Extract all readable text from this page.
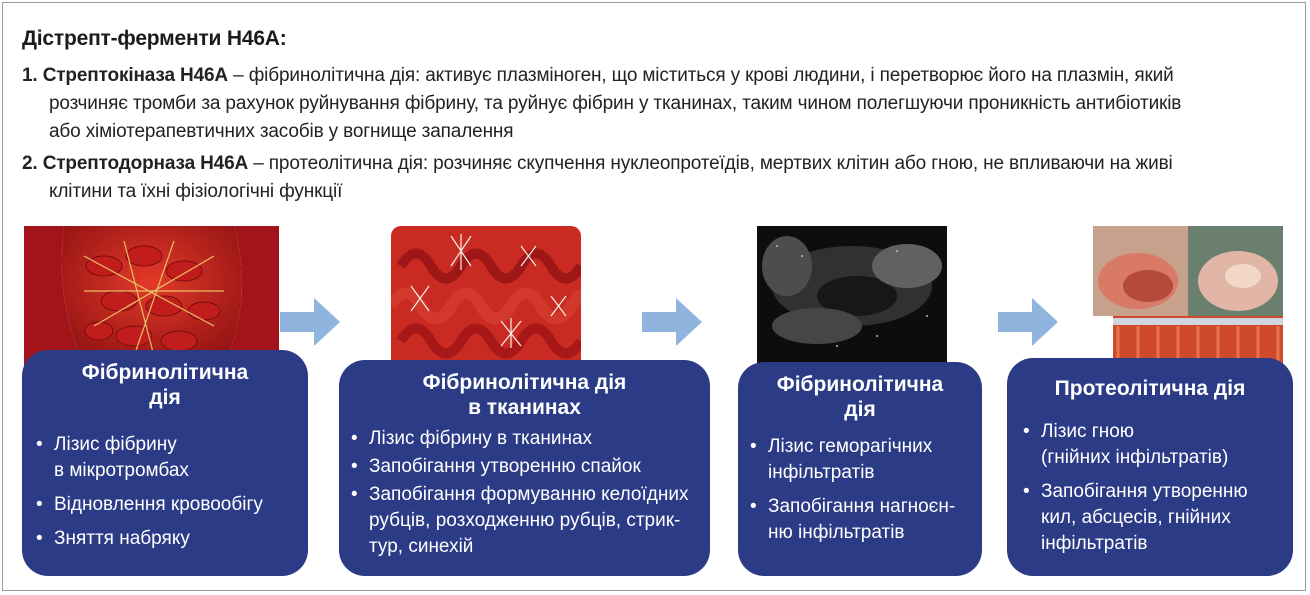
Дістрепт-ферменти H46A:
1. Стрептокіназа H46A – фібринолітична дія: активує плазміноген, що міститься у крові людини, і перетворює його на плазмін, який
розчиняє тромби за рахунок руйнування фібрину, та руйнує фібрин у тканинах, таким чином полегшуючи проникність антибіотиків
або хіміотерапевтичних засобів у вогнище запалення
2. Стрептодорназа H46A – протеолітична дія: розчиняє скупчення нуклеопротеїдів, мертвих клітин або гною, не впливаючи на живі
клітини та їхні фізіологічні функції
Фібринолітична
дія
• Лізис фібрину
в мікротромбах
• Відновлення кровообігу
• Зняття набряку
Фібринолітична дія
в тканинах
• Лізис фібрину в тканинах
• Запобігання утворенню спайок
• Запобігання формуванню келоїдних
рубців, розходженню рубців, стрик-
тур, синехій
Фібринолітична
дія
• Лізис геморагічних
інфільтратів
• Запобігання нагноєн-
ню інфільтратів
Протеолітична дія
• Лізис гною
(гнійних інфільтратів)
• Запобігання утворенню
кил, абсцесів, гнійних
інфільтратів
